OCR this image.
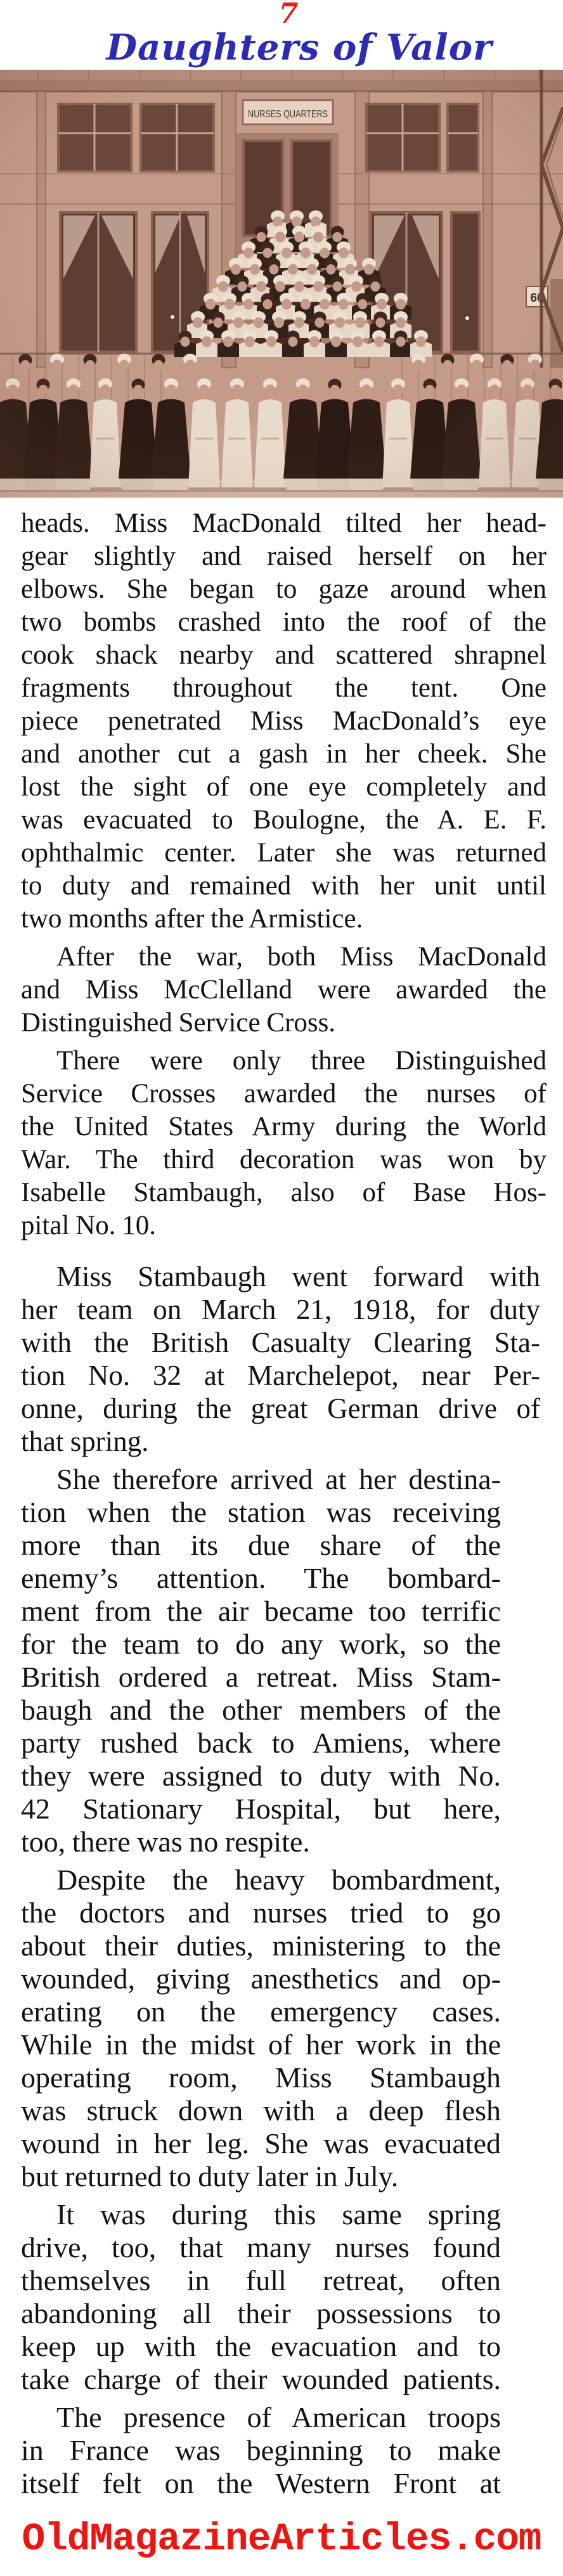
7
Daughters of Valor
heads. Miss MacDonald tilted her head-
gear slightly and raised herself on her
elbows. She began to gaze around when
two bombs crashed into the roof of the
cook shack nearby and scattered shrapnel
fragments throughout the tent. One
piece penetrated Miss MacDonald’s eye
and another cut a gash in her cheek. She
lost the sight of one eye completely and
was evacuated to Boulogne, the A. E. F.
ophthalmic center. Later she was returned
to duty and remained with her unit until
two months after the Armistice.
After the war, both Miss MacDonald
and Miss McClelland were awarded the
Distinguished Service Cross.
There were only three Distinguished
Service Crosses awarded the nurses of
the United States Army during the World
War. The third decoration was won by
Isabelle Stambaugh, also of Base Hos-
pital No. 10.
Miss Stambaugh went forward with
her team on March 21, 1918, for duty
with the British Casualty Clearing Sta-
tion No. 32 at Marchelepot, near Per-
onne, during the great German drive of
that spring.
She therefore arrived at her destina-
tion when the station was receiving
more than its due share of the
enemy’s attention. The bombard-
ment from the air became too terrific
for the team to do any work, so the
British ordered a retreat. Miss Stam-
baugh and the other members of the
party rushed back to Amiens, where
they were assigned to duty with No.
42 Stationary Hospital, but here,
too, there was no respite.
Despite the heavy bombardment,
the doctors and nurses tried to go
about their duties, ministering to the
wounded, giving anesthetics and op-
erating on the emergency cases.
While in the midst of her work in the
operating room, Miss Stambaugh
was struck down with a deep flesh
wound in her leg. She was evacuated
but returned to duty later in July.
It was during this same spring
drive, too, that many nurses found
themselves in full retreat, often
abandoning all their possessions to
keep up with the evacuation and to
take charge of their wounded patients.
The presence of American troops
in France was beginning to make
itself felt on the Western Front at
OldMagazineArticles.com
